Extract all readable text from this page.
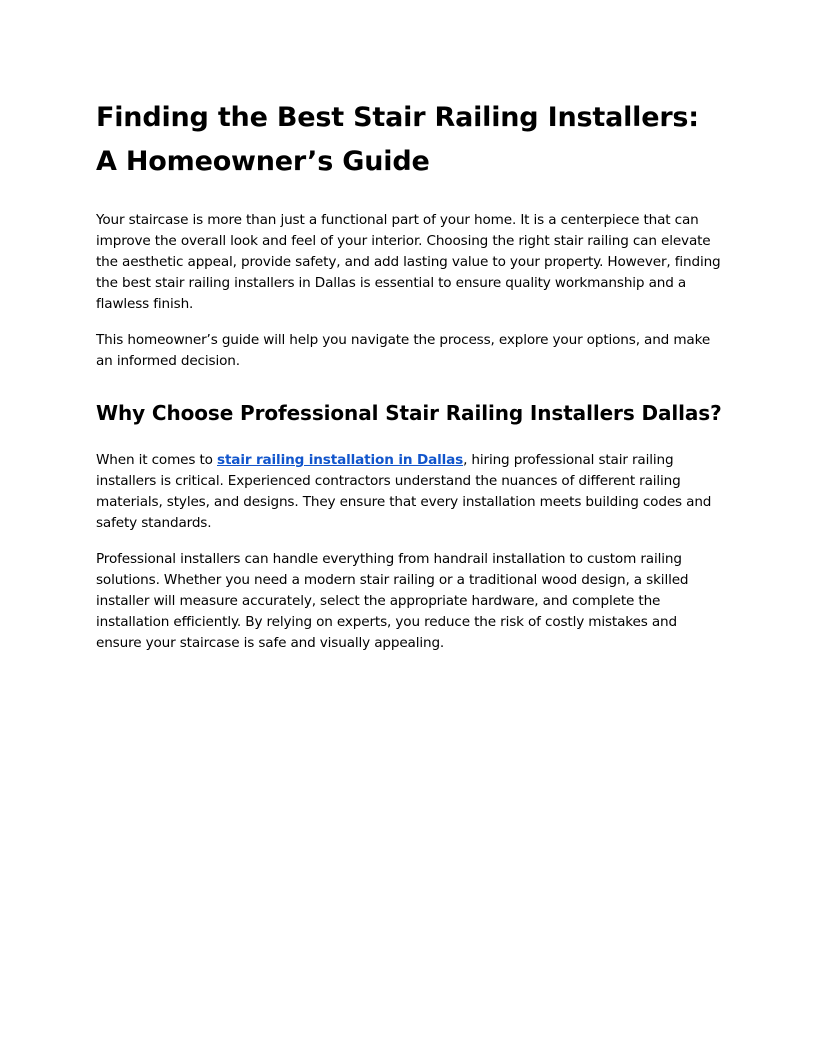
Finding the Best Stair Railing Installers: A Homeowner’s Guide

Your staircase is more than just a functional part of your home. It is a centerpiece that can improve the overall look and feel of your interior. Choosing the right stair railing can elevate the aesthetic appeal, provide safety, and add lasting value to your property. However, finding the best stair railing installers in Dallas is essential to ensure quality workmanship and a flawless finish.

This homeowner’s guide will help you navigate the process, explore your options, and make an informed decision.

Why Choose Professional Stair Railing Installers Dallas?

When it comes to stair railing installation in Dallas, hiring professional stair railing installers is critical. Experienced contractors understand the nuances of different railing materials, styles, and designs. They ensure that every installation meets building codes and safety standards.

Professional installers can handle everything from handrail installation to custom railing solutions. Whether you need a modern stair railing or a traditional wood design, a skilled installer will measure accurately, select the appropriate hardware, and complete the installation efficiently. By relying on experts, you reduce the risk of costly mistakes and ensure your staircase is safe and visually appealing.
